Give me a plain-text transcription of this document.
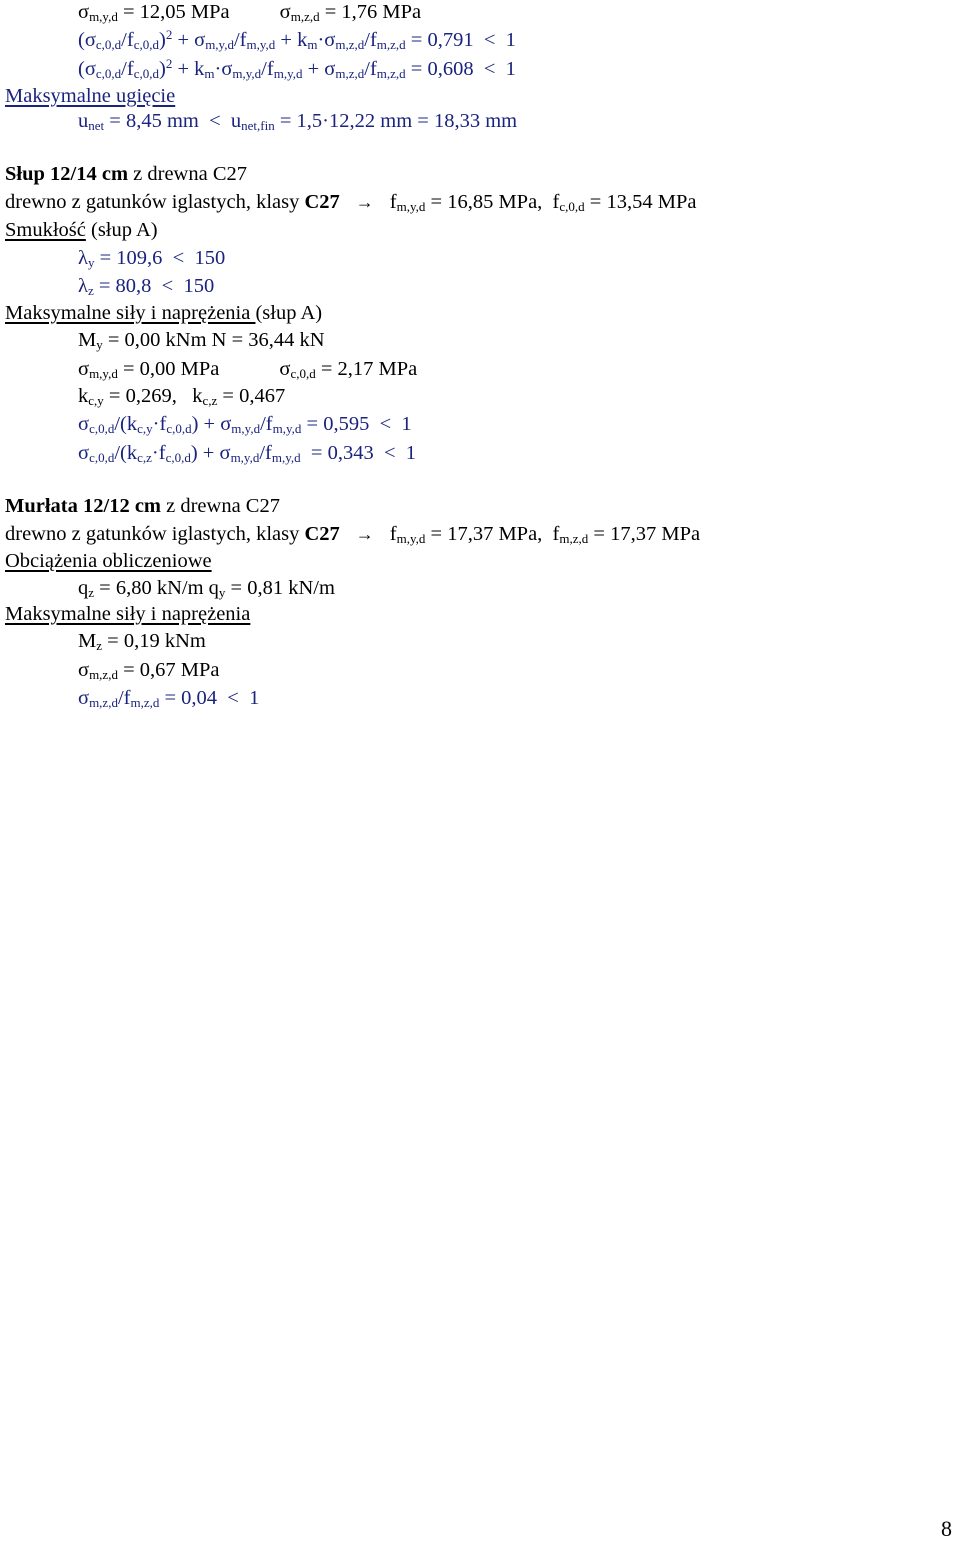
$\sigma_{m,y,d} = 12,05$ MPa $\sigma_{m,z,d} = 1,76$ MPa
$(\sigma_{c,0,d}/f_{c,0,d})^2 + \sigma_{m,y,d}/f_{m,y,d} + k_m\cdot\sigma_{m,z,d}/f_{m,z,d} = 0,791 < 1$
$(\sigma_{c,0,d}/f_{c,0,d})^2 + k_m\cdot\sigma_{m,y,d}/f_{m,y,d} + \sigma_{m,z,d}/f_{m,z,d} = 0,608 < 1$
Maksymalne ugięcie
$u_{net} = 8,45$ mm  <  $u_{net,fin} = 1,5\cdot 12,22$ mm = 18,33 mm
Słup 12/14 cm z drewna C27
drewno z gatunków iglastych, klasy $C27 \to f_{m,y,d} = 16,85$ MPa,  $f_{c,0,d} = 13,54$ MPa
Smukłość (słup A)
$\lambda_y = 109,6 < 150$
$\lambda_z = 80,8 < 150$
Maksymalne siły i naprężenia (słup A)
$M_y = 0,00$ kNm N = 36,44 kN
$\sigma_{m,y,d} = 0,00$ MPa	$\sigma_{c,0,d} = 2,17$ MPa
$k_{c,y} = 0,269$,   $k_{c,z} = 0,467$
$\sigma_{c,0,d}/(k_{c,y}\cdot f_{c,0,d}) + \sigma_{m,y,d}/f_{m,y,d} = 0,595 < 1$
$\sigma_{c,0,d}/(k_{c,z}\cdot f_{c,0,d}) + \sigma_{m,y,d}/f_{m,y,d} = 0,343 < 1$
Murłata 12/12 cm z drewna C27
drewno z gatunków iglastych, klasy $C27 \to f_{m,y,d} = 17,37$ MPa,  $f_{m,z,d} = 17,37$ MPa
Obciążenia obliczeniowe
$q_z = 6,80$ kN/m $q_y = 0,81$ kN/m
Maksymalne siły i naprężenia
$M_z = 0,19$ kNm
$\sigma_{m,z,d} = 0,67$ MPa
$\sigma_{m,z,d}/f_{m,z,d} = 0,04 < 1$
8
